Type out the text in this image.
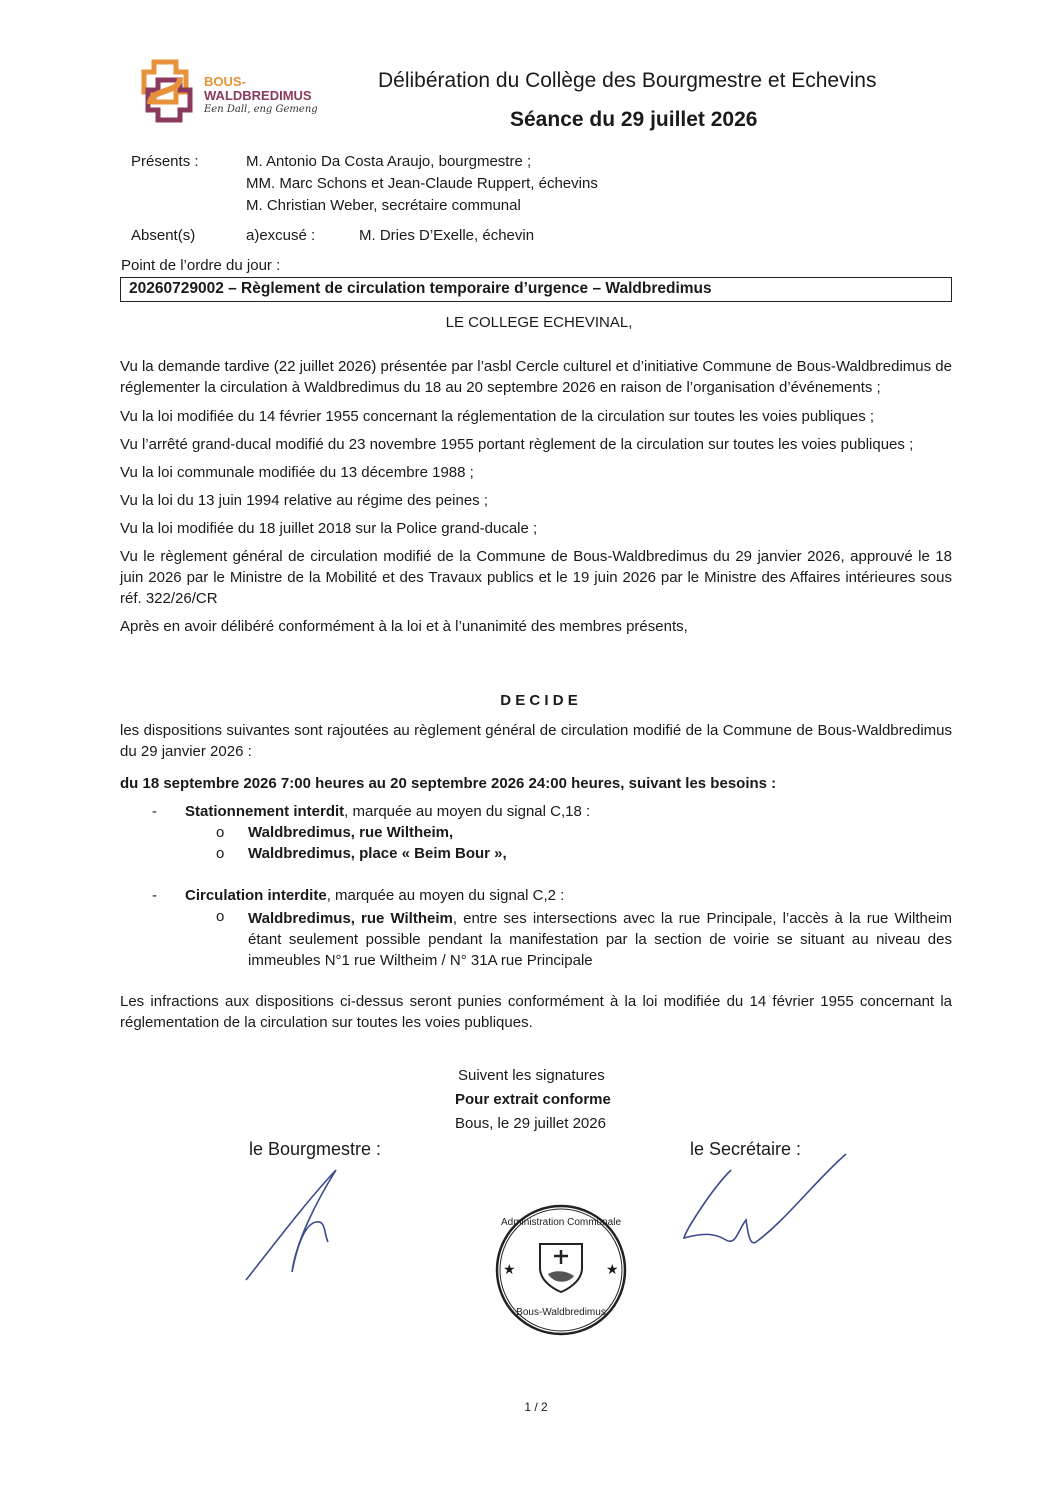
BOUS-
WALDBREDIMUS
Een Dall, eng Gemeng
Délibération du Collège des Bourgmestre et Echevins
Séance du 29 juillet 2026
Présents :	M. Antonio Da Costa Araujo, bourgmestre ;
MM. Marc Schons et Jean-Claude Ruppert, échevins
M. Christian Weber, secrétaire communal
Absent(s)	a)excusé :	M. Dries D’Exelle, échevin
Point de l’ordre du jour :
20260729002 – Règlement de circulation temporaire d’urgence – Waldbredimus
LE COLLEGE ECHEVINAL,

Vu la demande tardive (22 juillet 2026) présentée par l’asbl Cercle culturel et d’initiative Commune de Bous-Waldbredimus de réglementer la circulation à Waldbredimus du 18 au 20 septembre 2026 en raison de l’organisation d’événements ;

Vu la loi modifiée du 14 février 1955 concernant la réglementation de la circulation sur toutes les voies publiques ;

Vu l’arrêté grand-ducal modifié du 23 novembre 1955 portant règlement de la circulation sur toutes les voies publiques ;

Vu la loi communale modifiée du 13 décembre 1988 ;

Vu la loi du 13 juin 1994 relative au régime des peines ;

Vu la loi modifiée du 18 juillet 2018 sur la Police grand-ducale ;

Vu le règlement général de circulation modifié de la Commune de Bous-Waldbredimus du 29 janvier 2026, approuvé le 18 juin 2026 par le Ministre de la Mobilité et des Travaux publics et le 19 juin 2026 par le Ministre des Affaires intérieures sous réf. 322/26/CR

Après en avoir délibéré conformément à la loi et à l’unanimité des membres présents,

D E C I D E

les dispositions suivantes sont rajoutées au règlement général de circulation modifié de la Commune de Bous-Waldbredimus du 29 janvier 2026 :

du 18 septembre 2026 7:00 heures au 20 septembre 2026 24:00 heures, suivant les besoins :

- Stationnement interdit, marquée au moyen du signal C,18 :
o Waldbredimus, rue Wiltheim,
o Waldbredimus, place « Beim Bour »,
- Circulation interdite, marquée au moyen du signal C,2 :
o Waldbredimus, rue Wiltheim, entre ses intersections avec la rue Principale, l’accès à la rue Wiltheim étant seulement possible pendant la manifestation par la section de voirie se situant au niveau des immeubles N°1 rue Wiltheim / N° 31A rue Principale

Les infractions aux dispositions ci-dessus seront punies conformément à la loi modifiée du 14 février 1955 concernant la réglementation de la circulation sur toutes les voies publiques.

Suivent les signatures
Pour extrait conforme
Bous, le 29 juillet 2026
le Bourgmestre :	le Secrétaire :
Administration Communale
Bous-Waldbredimus
★	★
1 / 2
